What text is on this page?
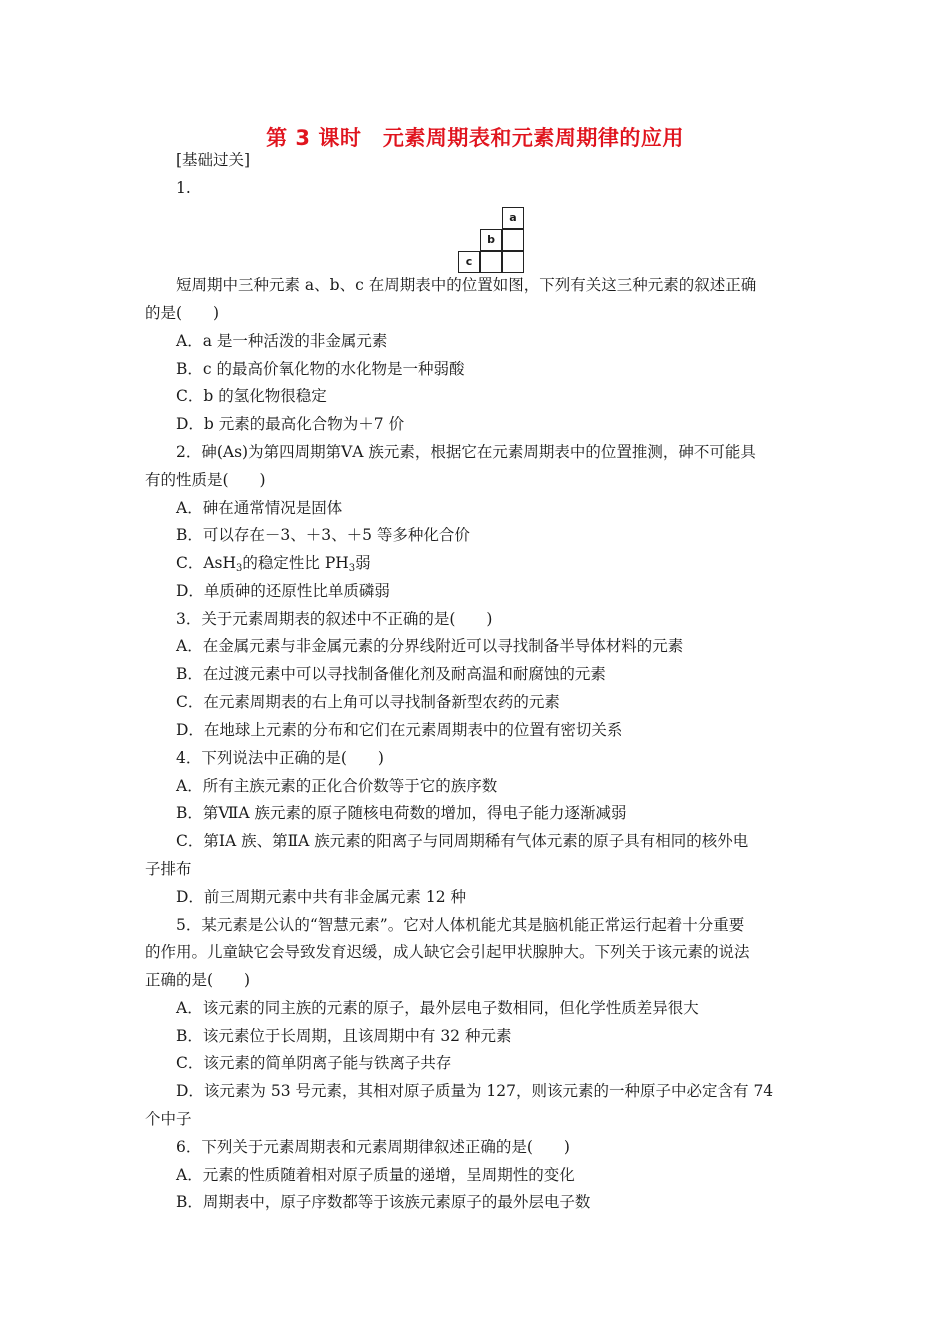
第 3 课时　元素周期表和元素周期律的应用
[基础过关]
1.
a
b
c
短周期中三种元素 a、b、c 在周期表中的位置如图，下列有关这三种元素的叙述正确
的是(　　)
A．a 是一种活泼的非金属元素
B．c 的最高价氧化物的水化物是一种弱酸
C．b 的氢化物很稳定
D．b 元素的最高化合物为＋7 价
2．砷(As)为第四周期第ⅤA 族元素，根据它在元素周期表中的位置推测，砷不可能具
有的性质是(　　)
A．砷在通常情况是固体
B．可以存在－3、＋3、＋5 等多种化合价
C．AsH$_3$的稳定性比 $PH_3$弱
D．单质砷的还原性比单质磷弱
3．关于元素周期表的叙述中不正确的是(　　)
A．在金属元素与非金属元素的分界线附近可以寻找制备半导体材料的元素
B．在过渡元素中可以寻找制备催化剂及耐高温和耐腐蚀的元素
C．在元素周期表的右上角可以寻找制备新型农药的元素
D．在地球上元素的分布和它们在元素周期表中的位置有密切关系
4．下列说法中正确的是(　　)
A．所有主族元素的正化合价数等于它的族序数
B．第ⅦA 族元素的原子随核电荷数的增加，得电子能力逐渐减弱
C．第ⅠA 族、第ⅡA 族元素的阳离子与同周期稀有气体元素的原子具有相同的核外电
子排布
D．前三周期元素中共有非金属元素 12 种
5．某元素是公认的“智慧元素”。它对人体机能尤其是脑机能正常运行起着十分重要
的作用。儿童缺它会导致发育迟缓，成人缺它会引起甲状腺肿大。下列关于该元素的说法
正确的是(　　)
A．该元素的同主族的元素的原子，最外层电子数相同，但化学性质差异很大
B．该元素位于长周期，且该周期中有 32 种元素
C．该元素的简单阴离子能与铁离子共存
D．该元素为 53 号元素，其相对原子质量为 127，则该元素的一种原子中必定含有 74
个中子
6．下列关于元素周期表和元素周期律叙述正确的是(　　)
A．元素的性质随着相对原子质量的递增，呈周期性的变化
B．周期表中，原子序数都等于该族元素原子的最外层电子数
